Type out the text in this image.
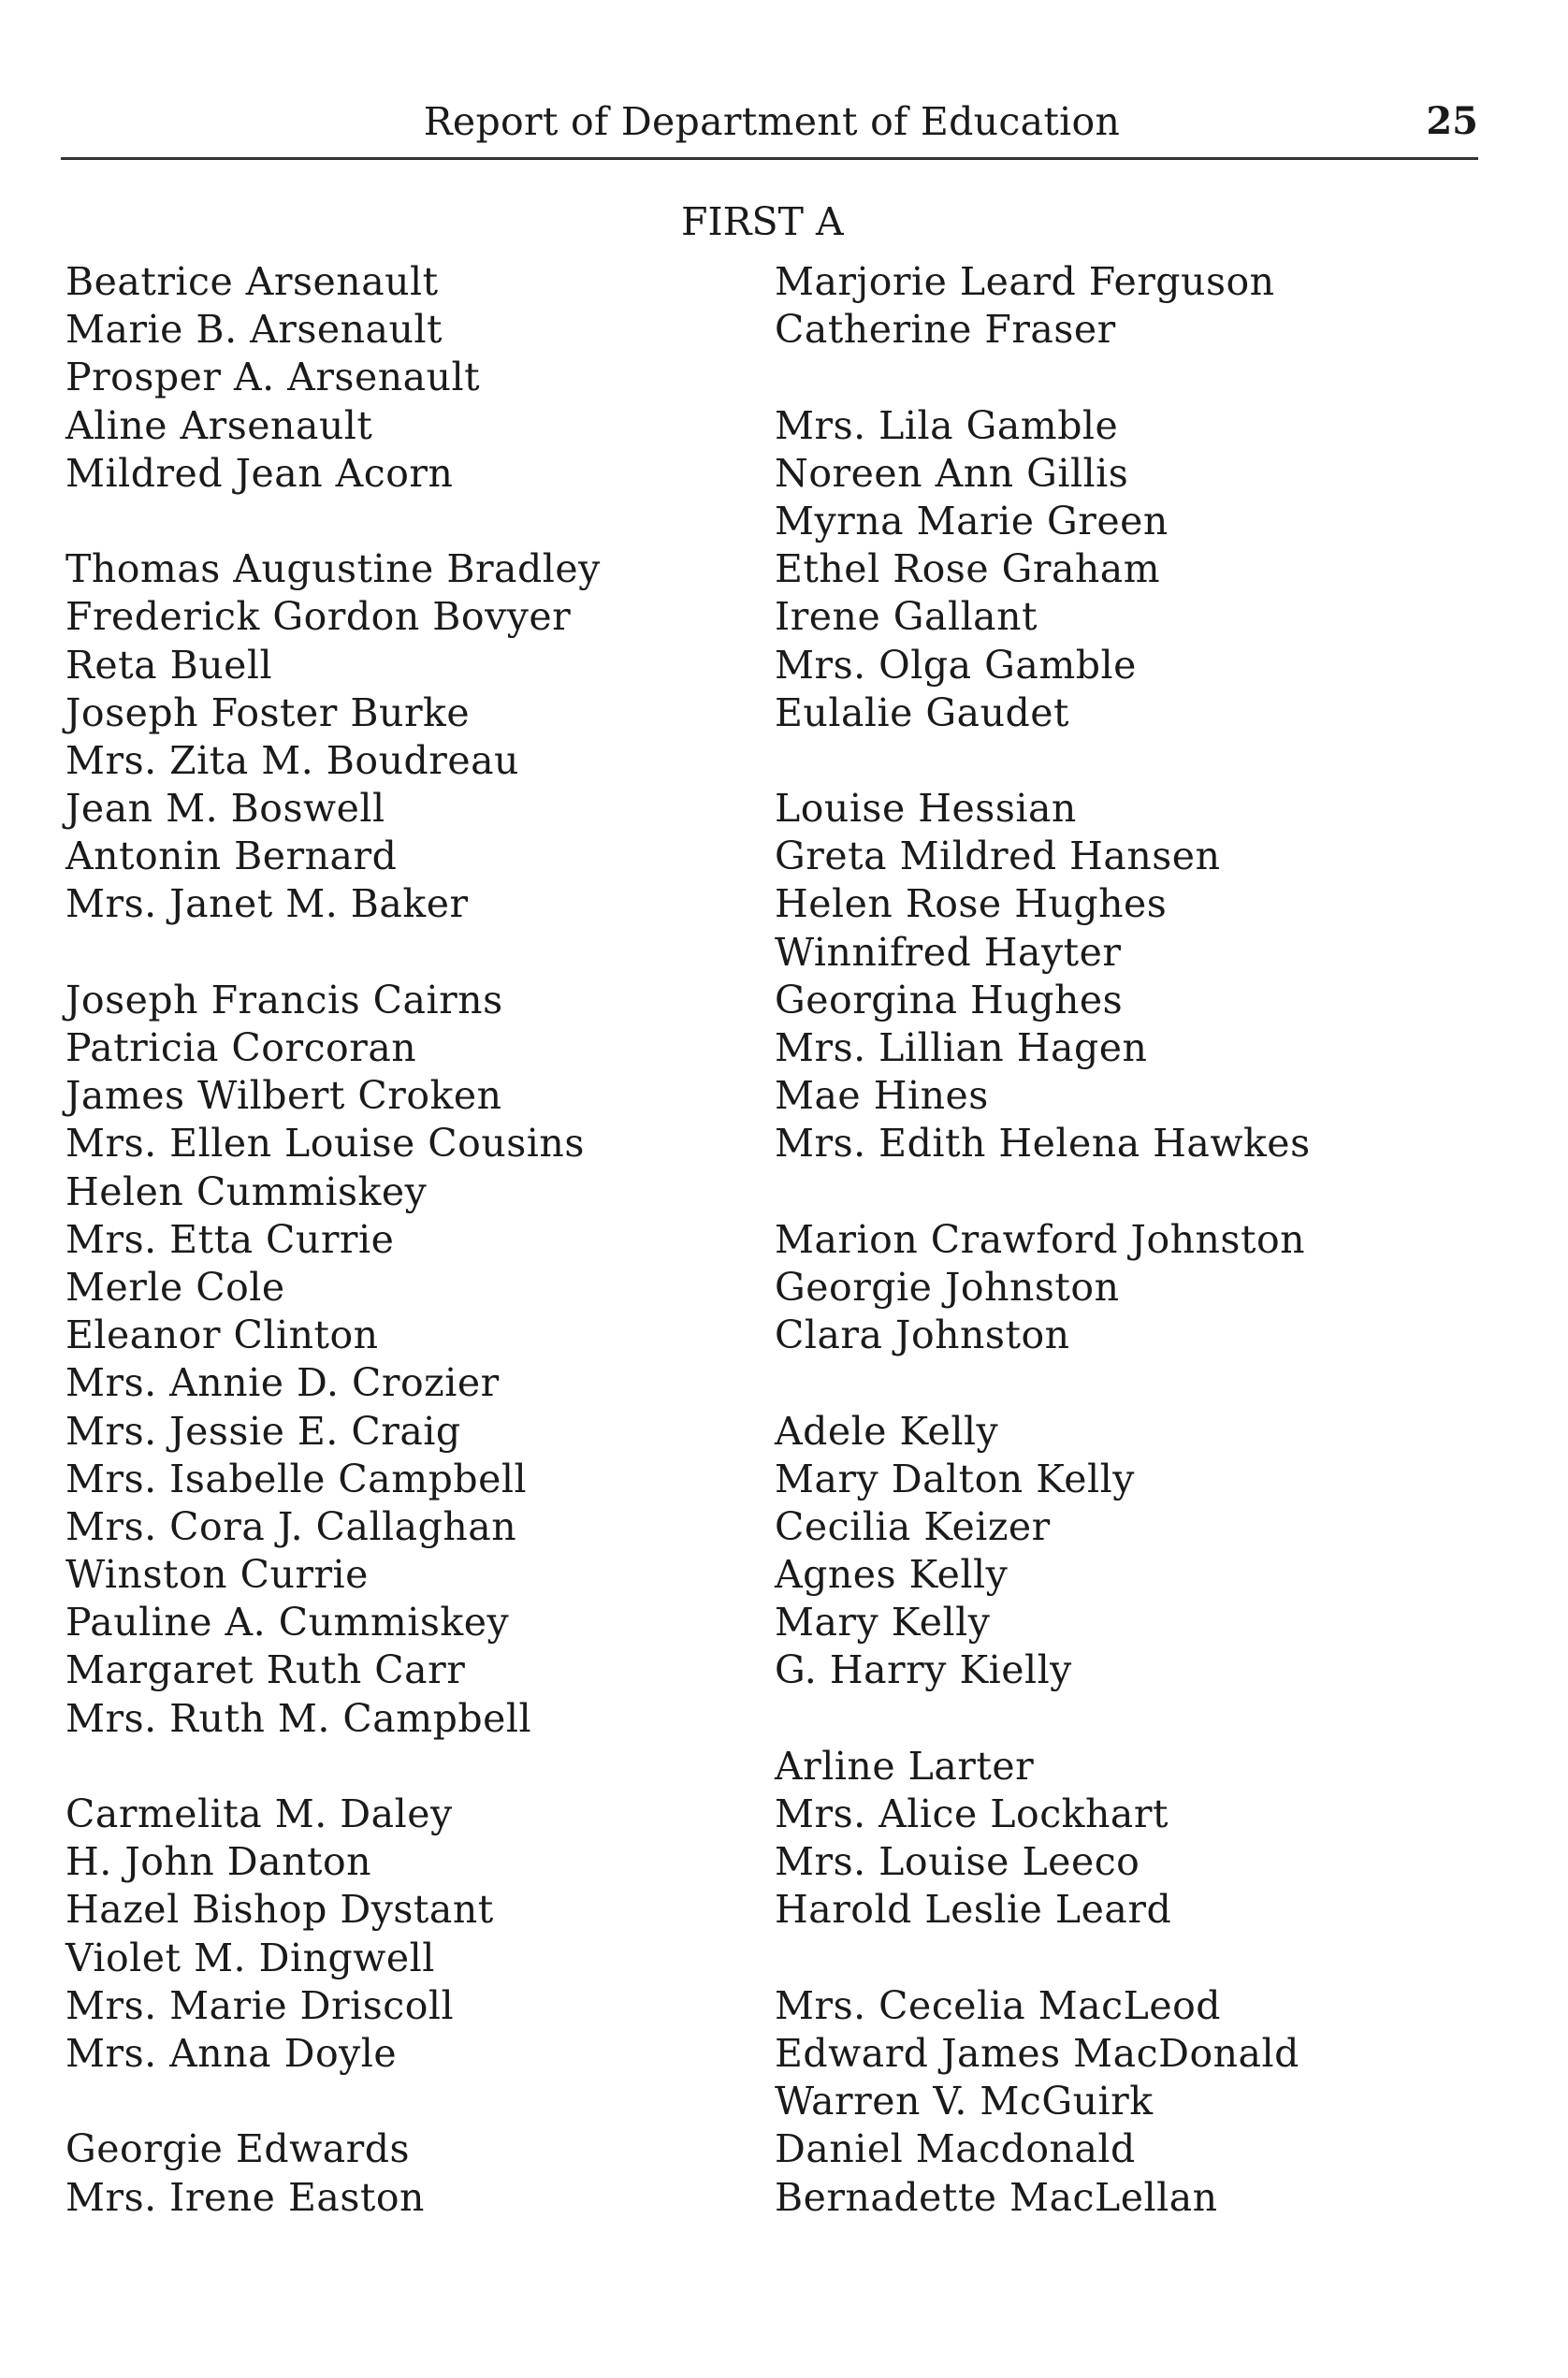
Report of Department of Education	25
FIRST A
Beatrice Arsenault
Marie B. Arsenault
Prosper A. Arsenault
Aline Arsenault
Mildred Jean Acorn
Thomas Augustine Bradley
Frederick Gordon Bovyer
Reta Buell
Joseph Foster Burke
Mrs. Zita M. Boudreau
Jean M. Boswell
Antonin Bernard
Mrs. Janet M. Baker
Joseph Francis Cairns
Patricia Corcoran
James Wilbert Croken
Mrs. Ellen Louise Cousins
Helen Cummiskey
Mrs. Etta Currie
Merle Cole
Eleanor Clinton
Mrs. Annie D. Crozier
Mrs. Jessie E. Craig
Mrs. Isabelle Campbell
Mrs. Cora J. Callaghan
Winston Currie
Pauline A. Cummiskey
Margaret Ruth Carr
Mrs. Ruth M. Campbell
Carmelita M. Daley
H. John Danton
Hazel Bishop Dystant
Violet M. Dingwell
Mrs. Marie Driscoll
Mrs. Anna Doyle
Georgie Edwards
Mrs. Irene Easton
Marjorie Leard Ferguson
Catherine Fraser
Mrs. Lila Gamble
Noreen Ann Gillis
Myrna Marie Green
Ethel Rose Graham
Irene Gallant
Mrs. Olga Gamble
Eulalie Gaudet
Louise Hessian
Greta Mildred Hansen
Helen Rose Hughes
Winnifred Hayter
Georgina Hughes
Mrs. Lillian Hagen
Mae Hines
Mrs. Edith Helena Hawkes
Marion Crawford Johnston
Georgie Johnston
Clara Johnston
Adele Kelly
Mary Dalton Kelly
Cecilia Keizer
Agnes Kelly
Mary Kelly
G. Harry Kielly
Arline Larter
Mrs. Alice Lockhart
Mrs. Louise Leeco
Harold Leslie Leard
Mrs. Cecelia MacLeod
Edward James MacDonald
Warren V. McGuirk
Daniel Macdonald
Bernadette MacLellan
